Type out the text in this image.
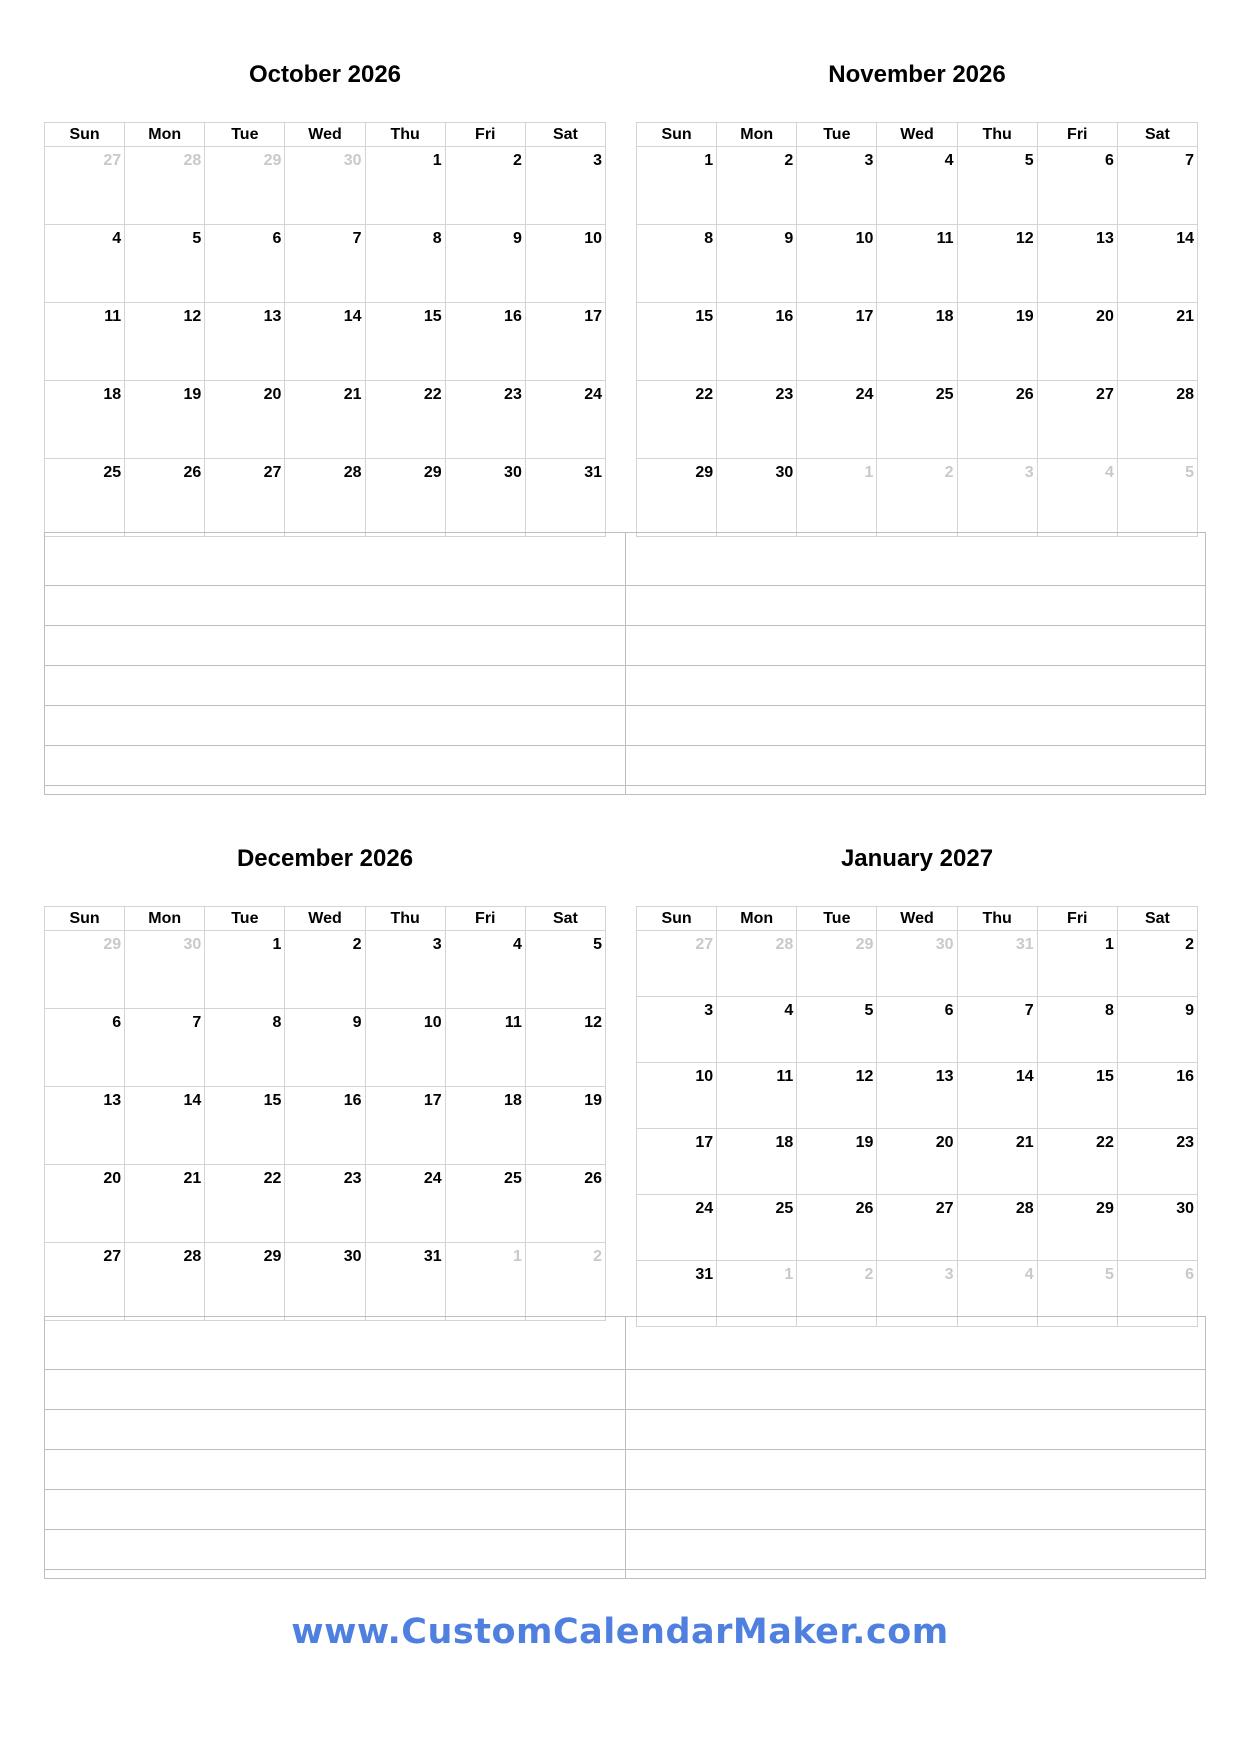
October 2026
Sun	Mon	Tue	Wed	Thu	Fri	Sat
27	28	29	30	1	2	3
4	5	6	7	8	9	10
11	12	13	14	15	16	17
18	19	20	21	22	23	24
25	26	27	28	29	30	31
November 2026
Sun	Mon	Tue	Wed	Thu	Fri	Sat
1	2	3	4	5	6	7
8	9	10	11	12	13	14
15	16	17	18	19	20	21
22	23	24	25	26	27	28
29	30	1	2	3	4	5
December 2026
Sun	Mon	Tue	Wed	Thu	Fri	Sat
29	30	1	2	3	4	5
6	7	8	9	10	11	12
13	14	15	16	17	18	19
20	21	22	23	24	25	26
27	28	29	30	31	1	2
January 2027
Sun	Mon	Tue	Wed	Thu	Fri	Sat
27	28	29	30	31	1	2
3	4	5	6	7	8	9
10	11	12	13	14	15	16
17	18	19	20	21	22	23
24	25	26	27	28	29	30
31	1	2	3	4	5	6
www.CustomCalendarMaker.com
